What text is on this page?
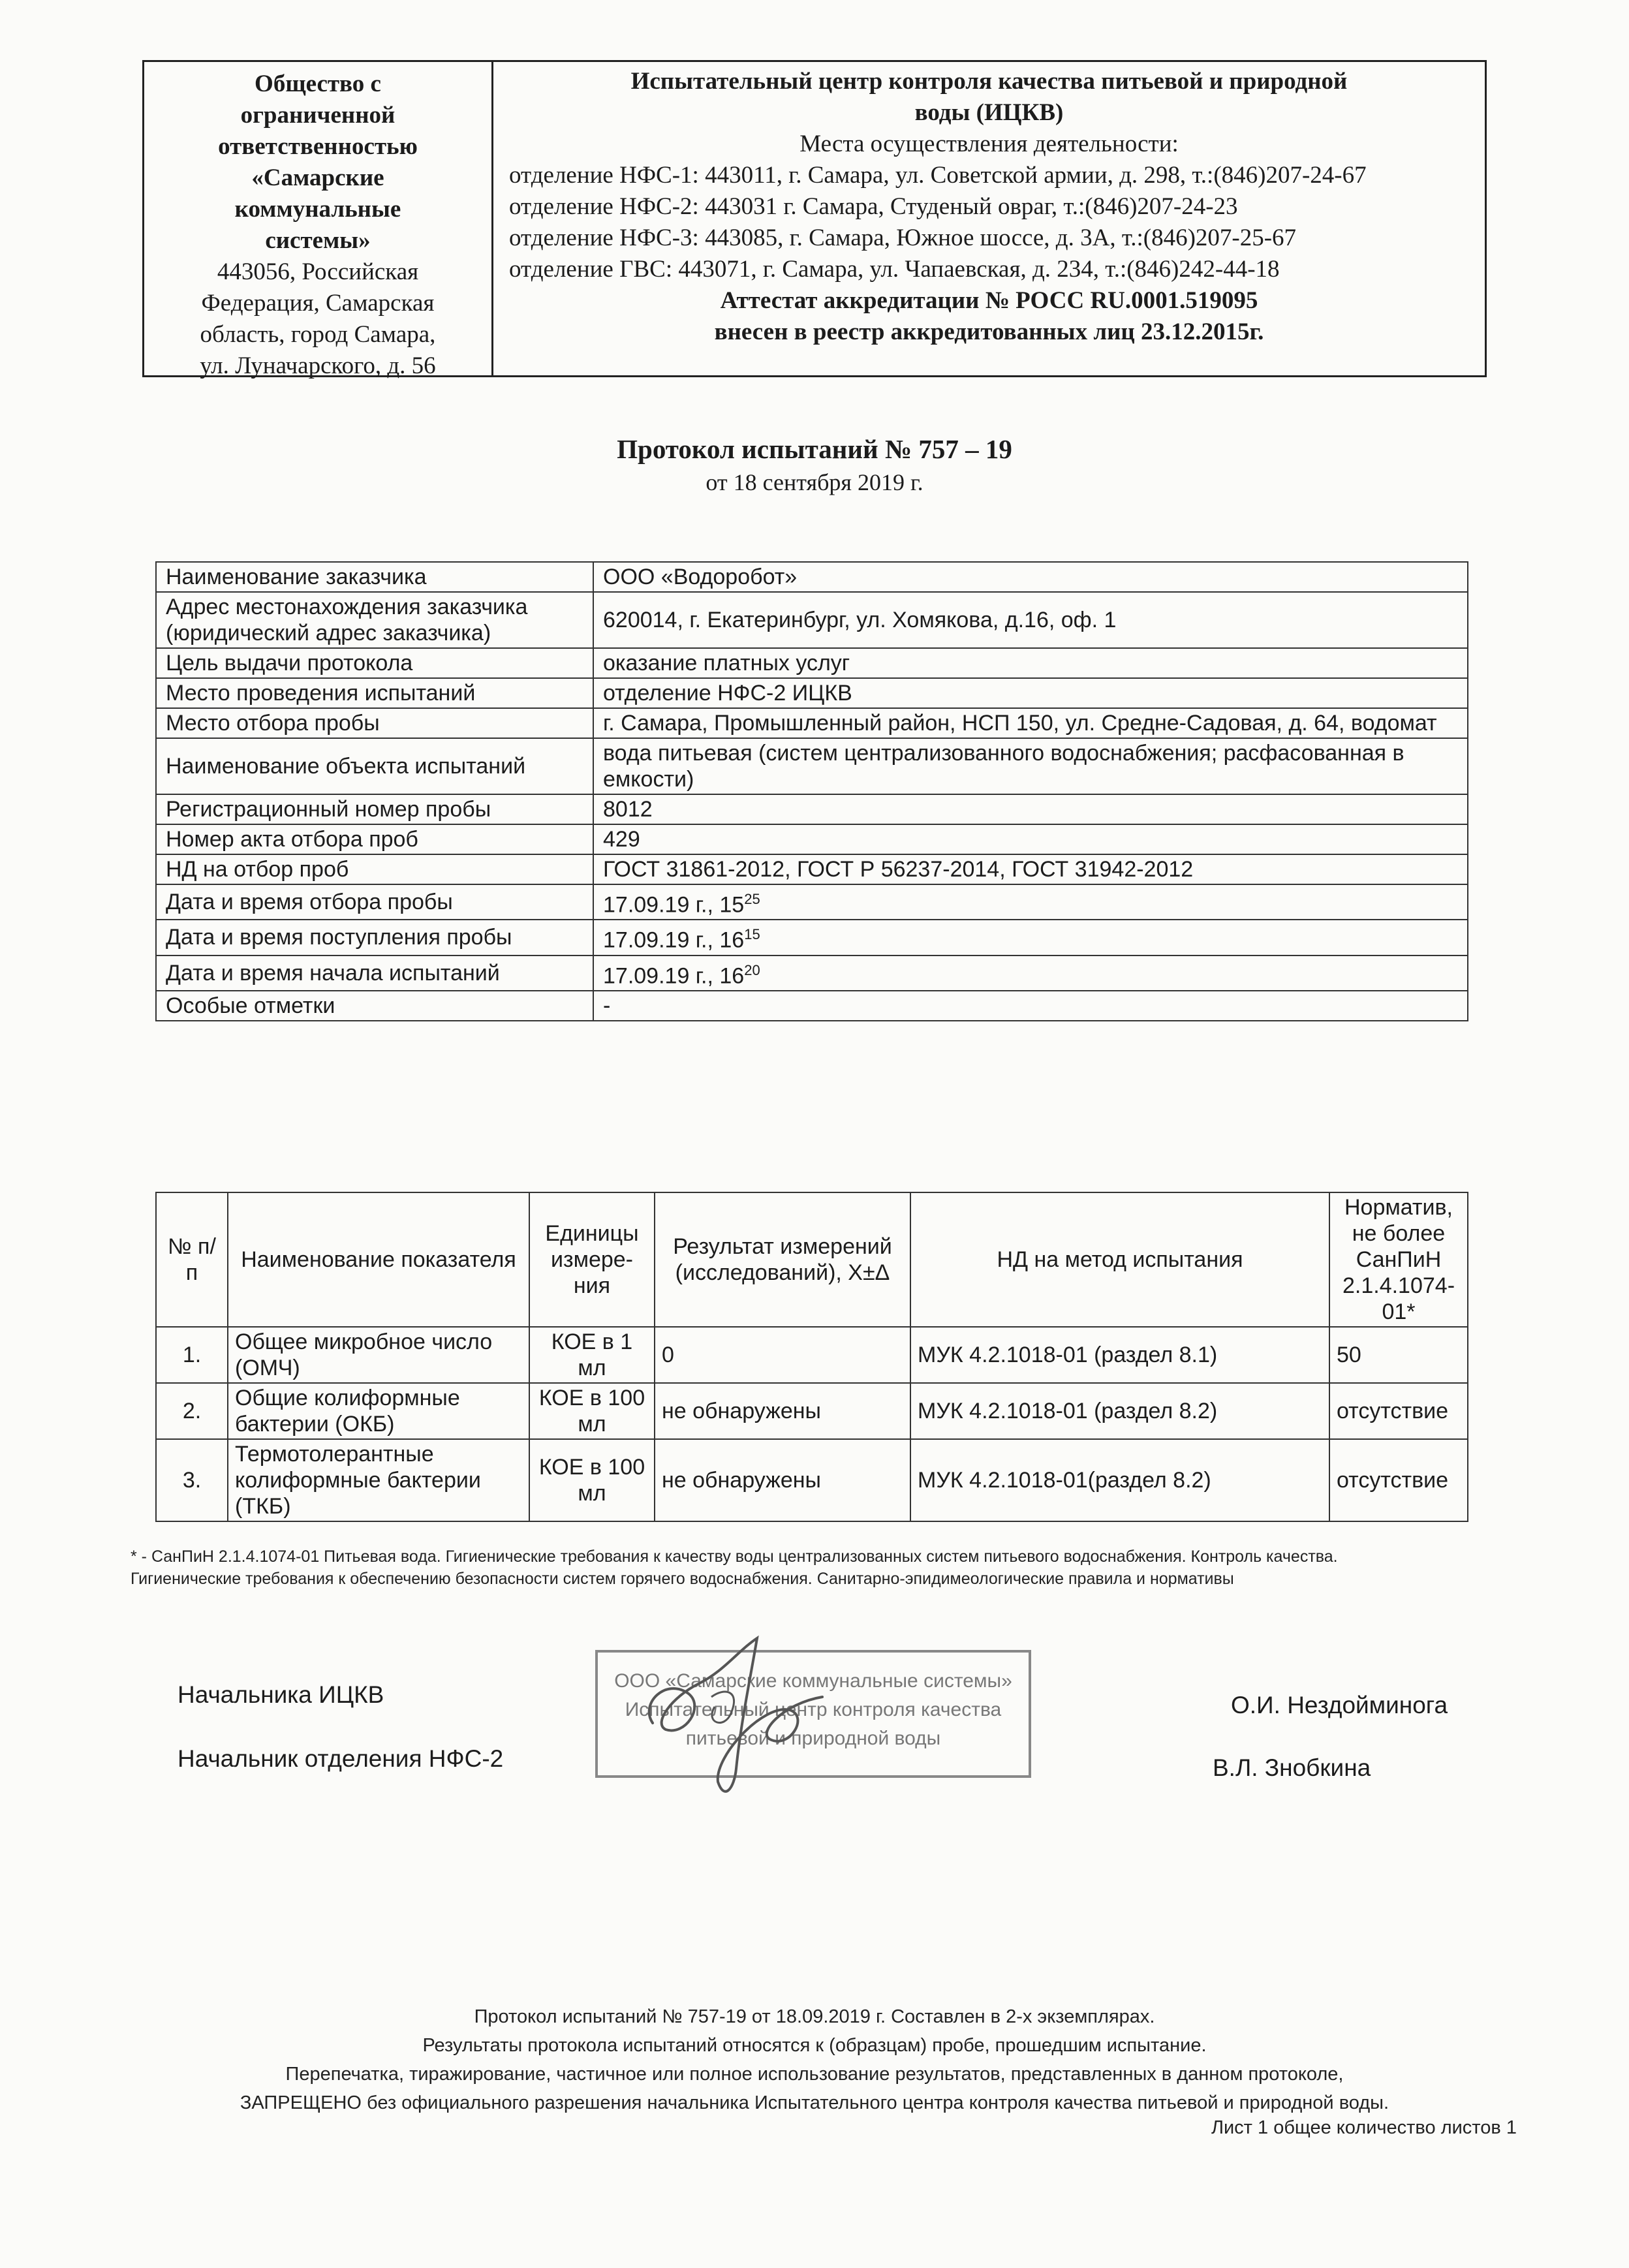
Общество с
ограниченной
ответственностью
«Самарские
коммунальные
системы»
443056, Российская
Федерация, Самарская
область, город Самара,
ул. Луначарского, д. 56
Испытательный центр контроля качества питьевой и природной
воды (ИЦКВ)
Места осуществления деятельности:
отделение НФС-1: 443011, г. Самара, ул. Советской армии, д. 298, т.:(846)207-24-67
отделение НФС-2: 443031 г. Самара, Студеный овраг, т.:(846)207-24-23
отделение НФС-3: 443085, г. Самара, Южное шоссе, д. 3А, т.:(846)207-25-67
отделение ГВС: 443071, г. Самара, ул. Чапаевская, д. 234, т.:(846)242-44-18
Аттестат аккредитации № РОСС RU.0001.519095
внесен в реестр аккредитованных лиц 23.12.2015г.
Протокол испытаний № 757 – 19
от 18 сентября 2019 г.
Наименование заказчика	ООО «Водоробот»
Адрес местонахождения заказчика (юридический адрес заказчика)	620014, г. Екатеринбург, ул. Хомякова, д.16, оф. 1
Цель выдачи протокола	оказание платных услуг
Место проведения испытаний	отделение НФС-2 ИЦКВ
Место отбора пробы	г. Самара, Промышленный район, НСП 150, ул. Средне-Садовая, д. 64, водомат
Наименование объекта испытаний	вода питьевая (систем централизованного водоснабжения; расфасованная в емкости)
Регистрационный номер пробы	8012
Номер акта отбора проб	429
НД на отбор проб	ГОСТ 31861-2012, ГОСТ Р 56237-2014, ГОСТ 31942-2012
Дата и время отбора пробы	17.09.19 г., $15^{25}$
Дата и время поступления пробы	17.09.19 г., $16^{15}$
Дата и время начала испытаний	17.09.19 г., $16^{20}$
Особые отметки	-
№ п/п	Наименование показателя	Единицы измере- ния	Результат измерений (исследований), X±Δ	НД на метод испытания	Норматив, не более СанПиН 2.1.4.1074-01*
1.	Общее микробное число (ОМЧ)	КОЕ в 1 мл	0	МУК 4.2.1018-01 (раздел 8.1)	50
2.	Общие колиформные бактерии (ОКБ)	КОЕ в 100 мл	не обнаружены	МУК 4.2.1018-01 (раздел 8.2)	отсутствие
3.	Термотолерантные колиформные бактерии (ТКБ)	КОЕ в 100 мл	не обнаружены	МУК 4.2.1018-01(раздел 8.2)	отсутствие
* - СанПиН 2.1.4.1074-01 Питьевая вода. Гигиенические требования к качеству воды централизованных систем питьевого водоснабжения. Контроль качества.
Гигиенические требования к обеспечению безопасности систем горячего водоснабжения. Санитарно-эпидимеологические правила и нормативы
Начальника ИЦКВ
Начальник отделения НФС-2
О.И. Нездойминога
В.Л. Знобкина
ООО «Самарские коммунальные системы»
Испытательный центр контроля качества
питьевой и природной воды
Протокол испытаний № 757-19 от 18.09.2019 г. Составлен в 2-х экземплярах.
Результаты протокола испытаний относятся к (образцам) пробе, прошедшим испытание.
Перепечатка, тиражирование, частичное или полное использование результатов, представленных в данном протоколе,
ЗАПРЕЩЕНО без официального разрешения начальника Испытательного центра контроля качества питьевой и природной воды.
Лист 1 общее количество листов 1
